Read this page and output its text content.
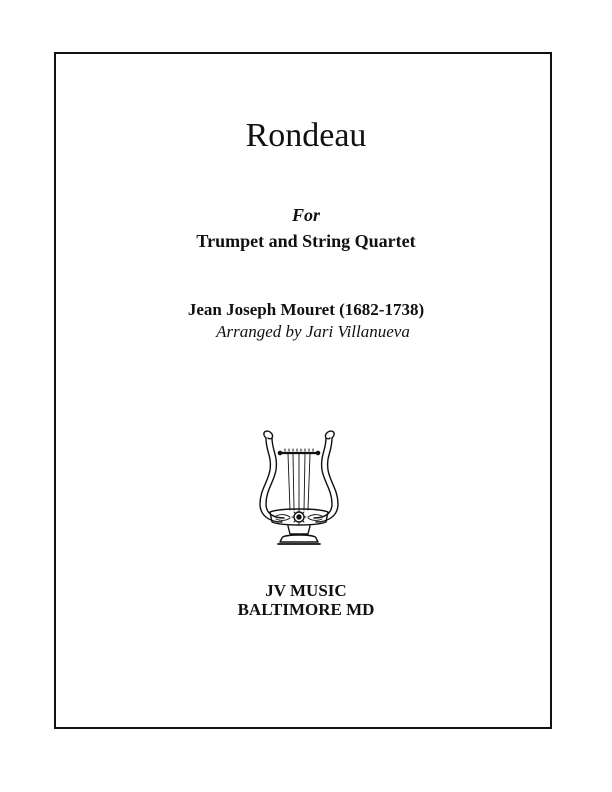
Rondeau
For
Trumpet and String Quartet
Jean Joseph Mouret (1682-1738)
Arranged by Jari Villanueva
JV MUSIC
BALTIMORE MD
